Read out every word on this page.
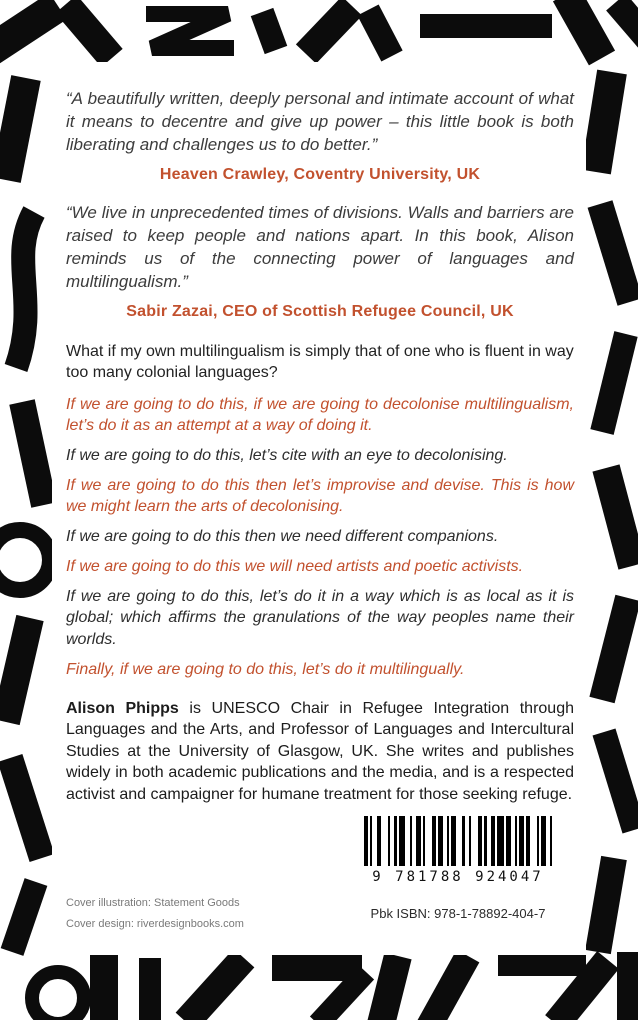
“A beautifully written, deeply personal and intimate account of what it means to decentre and give up power – this little book is both liberating and challenges us to do better.”

Heaven Crawley, Coventry University, UK

“We live in unprecedented times of divisions. Walls and barriers are raised to keep people and nations apart. In this book, Alison reminds us of the connecting power of languages and multilingualism.”

Sabir Zazai, CEO of Scottish Refugee Council, UK

What if my own multilingualism is simply that of one who is fluent in way too many colonial languages?

If we are going to do this, if we are going to decolonise multilingualism, let’s do it as an attempt at a way of doing it.

If we are going to do this, let’s cite with an eye to decolonising.

If we are going to do this then let’s improvise and devise. This is how we might learn the arts of decolonising.

If we are going to do this then we need different companions.

If we are going to do this we will need artists and poetic activists.

If we are going to do this, let’s do it in a way which is as local as it is global; which affirms the granulations of the way peoples name their worlds.

Finally, if we are going to do this, let’s do it multilingually.

Alison Phipps is UNESCO Chair in Refugee Integration through Languages and the Arts, and Professor of Languages and Intercultural Studies at the University of Glasgow, UK. She writes and publishes widely in both academic publications and the media, and is a respected activist and campaigner for humane treatment for those seeking refuge.

Cover illustration: Statement Goods
Cover design: riverdesignbooks.com
9 781788 924047
Pbk ISBN: 978-1-78892-404-7
